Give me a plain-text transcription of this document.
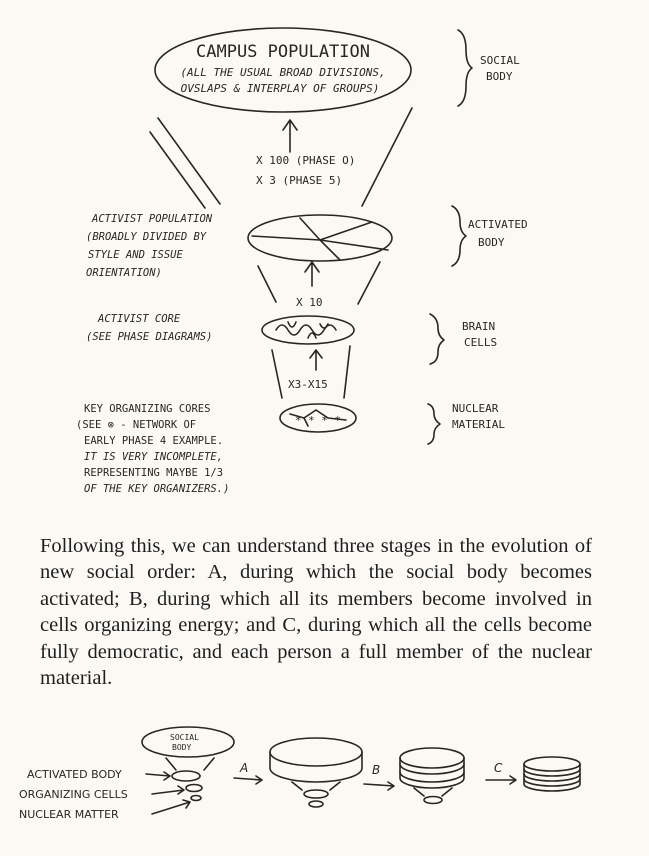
CAMPUS POPULATION
(ALL THE USUAL BROAD DIVISIONS,
OVSLAPS & INTERPLAY OF GROUPS)
SOCIAL
BODY
X 100 (PHASE O)
X 3 (PHASE 5)
ACTIVIST POPULATION
(BROADLY DIVIDED BY
STYLE AND ISSUE
ORIENTATION)
ACTIVATED
BODY
X 10
ACTIVIST CORE
(SEE PHASE DIAGRAMS)
BRAIN
CELLS
X3-X15
* * * *
KEY ORGANIZING CORES
(SEE ⊗ - NETWORK OF
EARLY PHASE 4 EXAMPLE.
IT IS VERY INCOMPLETE,
REPRESENTING MAYBE 1/3
OF THE KEY ORGANIZERS.)
NUCLEAR
MATERIAL
SOCIAL
BODY
ACTIVATED BODY
ORGANIZING CELLS
NUCLEAR MATTER
A	B	C

Following this, we can understand three stages in the evolution of new social order: A, during which the social body becomes activated; B, during which all its members become involved in cells organizing energy; and C, during which all the cells become fully democratic, and each person a full member of the nuclear material.
